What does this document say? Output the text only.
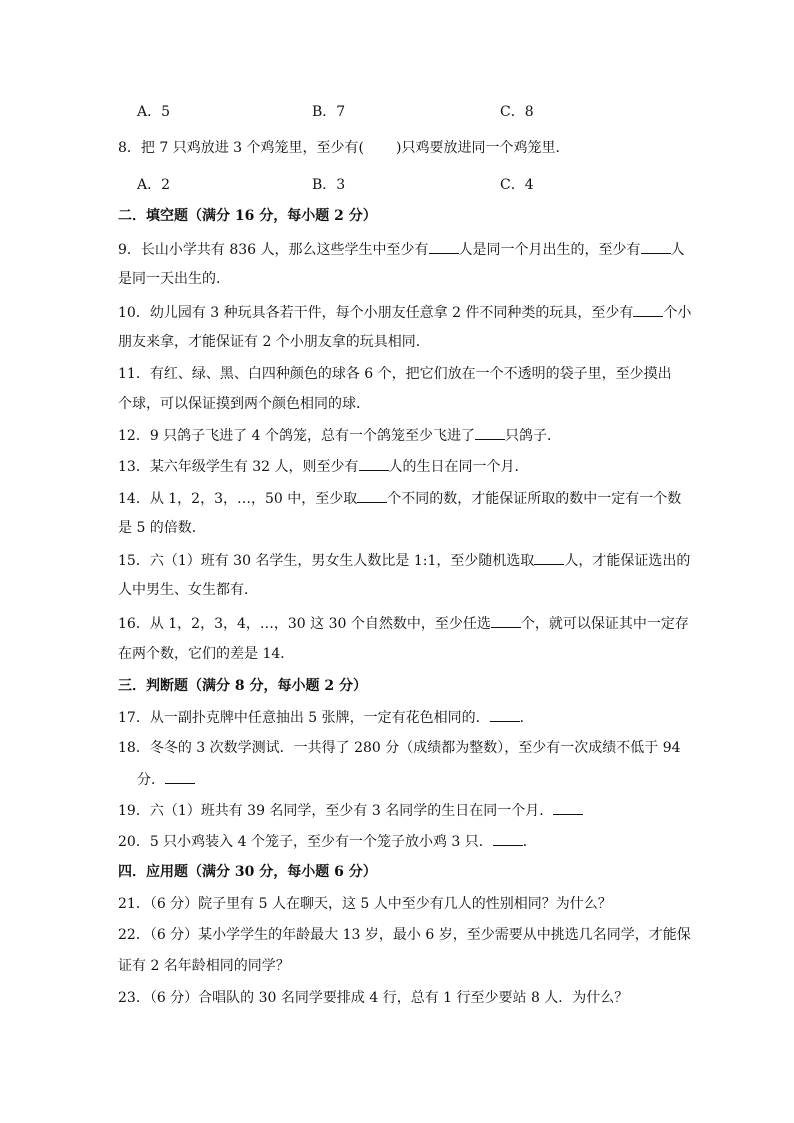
A．5	B．7	C．8
8．把 7 只鸡放进 3 个鸡笼里，至少有( )只鸡要放进同一个鸡笼里．
A．2	B．3	C．4
二．填空题（满分 16 分，每小题 2 分）
9．长山小学共有 836 人，那么这些学生中至少有 人是同一个月出生的，至少有 人
是同一天出生的．
10．幼儿园有 3 种玩具各若干件，每个小朋友任意拿 2 件不同种类的玩具，至少有 个小
朋友来拿，才能保证有 2 个小朋友拿的玩具相同．
11．有红、绿、黑、白四种颜色的球各 6 个，把它们放在一个不透明的袋子里，至少摸出
个球，可以保证摸到两个颜色相同的球．
12．9 只鸽子飞进了 4 个鸽笼，总有一个鸽笼至少飞进了 只鸽子．
13．某六年级学生有 32 人，则至少有 人的生日在同一个月．
14．从 1，2，3，…，50 中，至少取 个不同的数，才能保证所取的数中一定有一个数
是 5 的倍数．
15．六（1）班有 30 名学生，男女生人数比是 1:1，至少随机选取 人，才能保证选出的
人中男生、女生都有．
16．从 1，2，3，4，…，30 这 30 个自然数中，至少任选 个，就可以保证其中一定存
在两个数，它们的差是 14．
三．判断题（满分 8 分，每小题 2 分）
17．从一副扑克牌中任意抽出 5 张牌，一定有花色相同的． ．
18．冬冬的 3 次数学测试．一共得了 280 分（成绩都为整数），至少有一次成绩不低于 94
分．
19．六（1）班共有 39 名同学，至少有 3 名同学的生日在同一个月．
20．5 只小鸡装入 4 个笼子，至少有一个笼子放小鸡 3 只． ．
四．应用题（满分 30 分，每小题 6 分）
21．（6 分）院子里有 5 人在聊天，这 5 人中至少有几人的性别相同？为什么？
22．（6 分）某小学学生的年龄最大 13 岁，最小 6 岁，至少需要从中挑选几名同学，才能保
证有 2 名年龄相同的同学？
23．（6 分）合唱队的 30 名同学要排成 4 行，总有 1 行至少要站 8 人．为什么？
